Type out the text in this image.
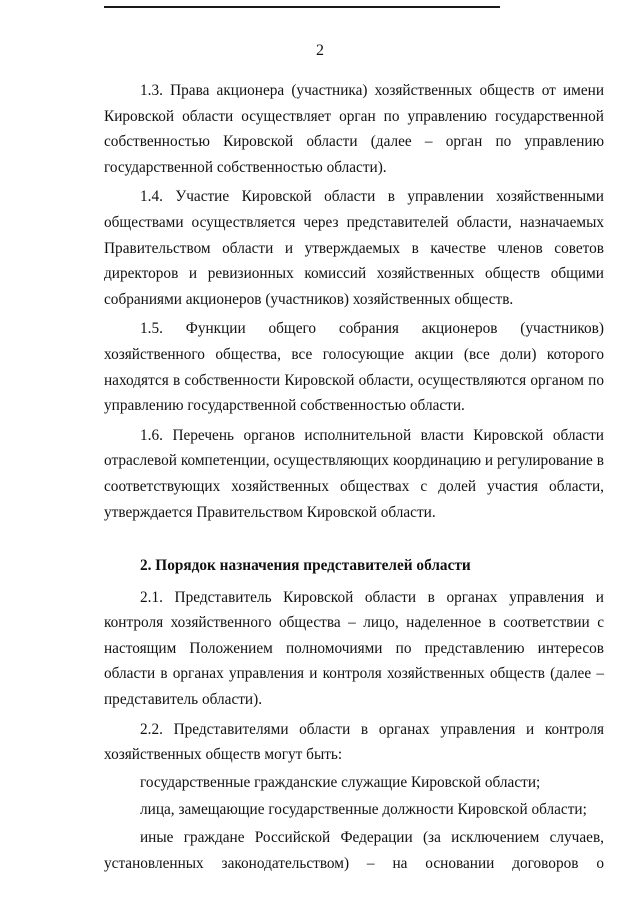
2

1.3. Права акционера (участника) хозяйственных обществ от имени Кировской области осуществляет орган по управлению государственной собственностью Кировской области (далее – орган по управлению государственной собственностью области).

1.4. Участие Кировской области в управлении хозяйственными обществами осуществляется через представителей области, назначаемых Правительством области и утверждаемых в качестве членов советов директоров и ревизионных комиссий хозяйственных обществ общими собраниями акционеров (участников) хозяйственных обществ.

1.5. Функции общего собрания акционеров (участников) хозяйственного общества, все голосующие акции (все доли) которого находятся в собственности Кировской области, осуществляются органом по управлению государственной собственностью области.

1.6. Перечень органов исполнительной власти Кировской области отраслевой компетенции, осуществляющих координацию и регулирование в соответствующих хозяйственных обществах с долей участия области, утверждается Правительством Кировской области.

2. Порядок назначения представителей области

2.1. Представитель Кировской области в органах управления и контроля хозяйственного общества – лицо, наделенное в соответствии с настоящим Положением полномочиями по представлению интересов области в органах управления и контроля хозяйственных обществ (далее – представитель области).

2.2. Представителями области в органах управления и контроля хозяйственных обществ могут быть:

государственные гражданские служащие Кировской области;

лица, замещающие государственные должности Кировской области;

иные граждане Российской Федерации (за исключением случаев, установленных законодательством) – на основании договоров о
